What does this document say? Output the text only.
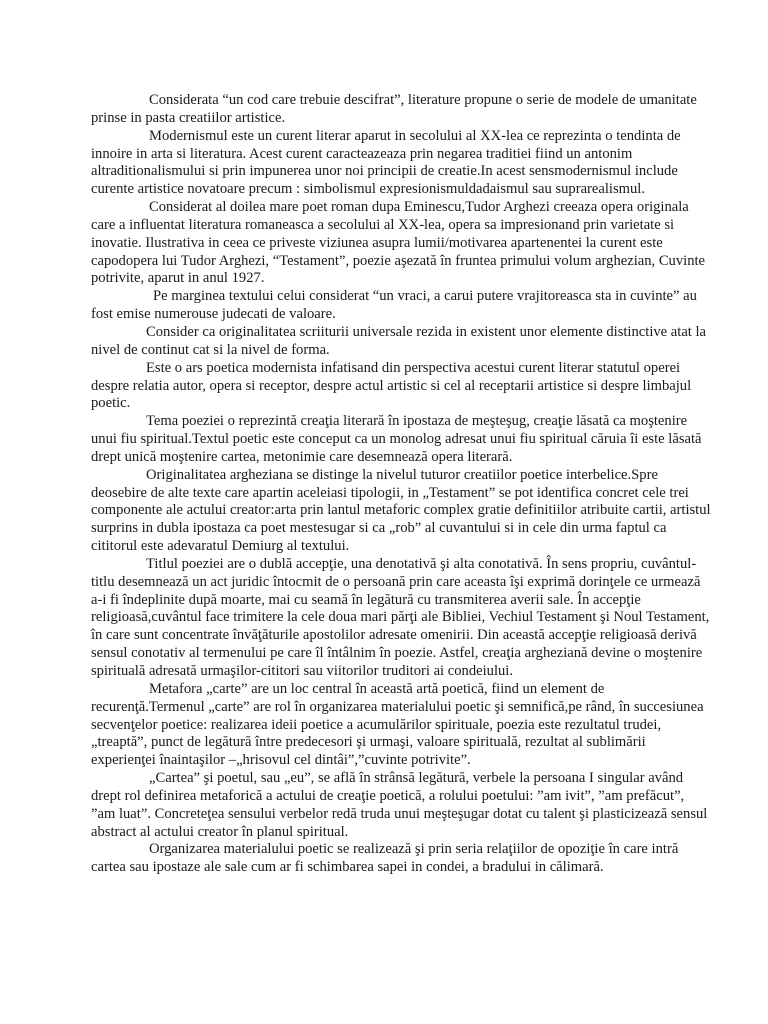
Considerata “un cod care trebuie descifrat”, literature propune o serie de modele de umanitate prinse in pasta creatiilor artistice.

Modernismul este un curent literar aparut in secolului al XX-lea ce reprezinta o tendinta de innoire in arta si literatura. Acest curent caracteazeaza prin negarea traditiei fiind un antonim altraditionalismului si prin impunerea unor noi principii de creatie.In acest sensmodernismul include curente artistice novatoare precum : simbolismul expresionismuldadaismul sau suprarealismul.

Considerat al doilea mare poet roman dupa Eminescu,Tudor Arghezi creeaza opera originala care a influentat literatura romaneasca a secolului al XX-lea, opera sa impresionand prin varietate si inovatie. Ilustrativa in ceea ce priveste viziunea asupra lumii/motivarea apartenentei la curent este capodopera lui Tudor Arghezi, “Testament”, poezie aşezată în fruntea primului volum arghezian, Cuvinte potrivite, aparut in anul 1927.

Pe marginea textului celui considerat “un vraci, a carui putere vrajitoreasca sta in cuvinte” au fost emise numerouse judecati de valoare.

Consider ca originalitatea scriiturii universale rezida in existent unor elemente distinctive atat la nivel de continut cat si la nivel de forma.

Este o ars poetica modernista infatisand din perspectiva acestui curent literar statutul operei despre relatia autor, opera si receptor, despre actul artistic si cel al receptarii artistice si despre limbajul poetic.

Tema poeziei o reprezintă creaţia literară în ipostaza de meşteşug, creaţie lăsată ca moştenire unui fiu spiritual.Textul poetic este conceput ca un monolog adresat unui fiu spiritual căruia îi este lăsată drept unică moştenire cartea, metonimie care desemnează opera literară.

Originalitatea argheziana se distinge la nivelul tuturor creatiilor poetice interbelice.Spre deosebire de alte texte care apartin aceleiasi tipologii, in „Testament” se pot identifica concret cele trei componente ale actului creator:arta prin lantul metaforic complex gratie definitiilor atribuite cartii, artistul surprins in dubla ipostaza ca poet mestesugar si ca „rob” al cuvantului si in cele din urma faptul ca cititorul este adevaratul Demiurg al textului.

Titlul poeziei are o dublă accepţie, una denotativă şi alta conotativă. În sens propriu, cuvântul-titlu desemnează un act juridic întocmit de o persoană prin care aceasta îşi exprimă dorinţele ce urmează a-i fi îndeplinite după moarte, mai cu seamă în legătură cu transmiterea averii sale. În accepţie religioasă,cuvântul face trimitere la cele doua mari părţi ale Bibliei, Vechiul Testament şi Noul Testament, în care sunt concentrate învăţăturile apostolilor adresate omenirii. Din această accepţie religioasă derivă sensul conotativ al termenului pe care îl întâlnim în poezie. Astfel, creaţia argheziană devine o moştenire spirituală adresată urmaşilor-cititori sau viitorilor truditori ai condeiului.

Metafora „carte” are un loc central în această artă poetică, fiind un element de recurenţă.Termenul „carte” are rol în organizarea materialului poetic şi semnifică,pe rând, în succesiunea secvenţelor poetice: realizarea ideii poetice a acumulărilor spirituale, poezia este rezultatul trudei, „treaptă”, punct de legătură între predecesori şi urmaşi, valoare spirituală, rezultat al sublimării experienţei înaintaşilor –„hrisovul cel dintâi”,”cuvinte potrivite”.

„Cartea” şi poetul, sau „eu”, se află în strânsă legătură, verbele la persoana I singular având drept rol definirea metaforică a actului de creaţie poetică, a rolului poetului: ”am ivit”, ”am prefăcut”, ”am luat”. Concreteţea sensului verbelor redă truda unui meşteşugar dotat cu talent şi plasticizează sensul abstract al actului creator în planul spiritual.

Organizarea materialului poetic se realizează şi prin seria relaţiilor de opoziţie în care intră cartea sau ipostaze ale sale cum ar fi schimbarea sapei in condei, a bradului in călimară.
